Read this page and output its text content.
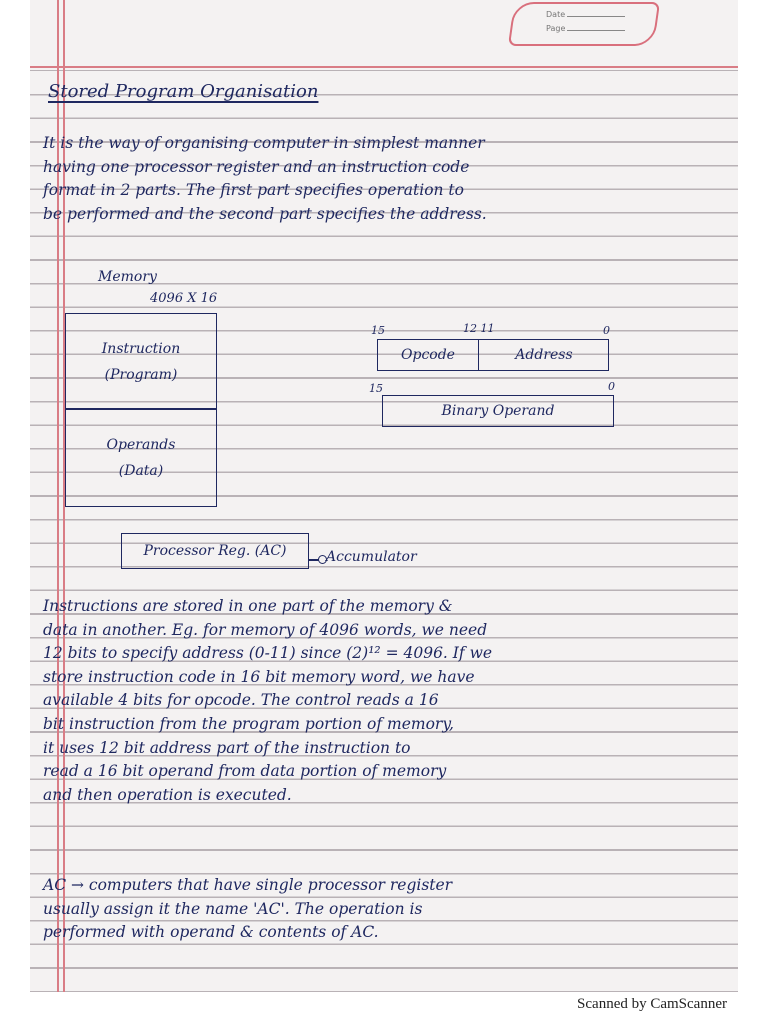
Date
Page
Stored Program Organisation
It is the way of organising computer in simplest manner
having one processor register and an instruction code
format in 2 parts. The first part specifies operation to
be performed and the second part specifies the address.
Memory
4096 X 16
Instruction
(Program)
Operands
(Data)
15	12 11	0
Opcode	Address
15	0
Binary Operand
Processor Reg. (AC)	Accumulator
Instructions are stored in one part of the memory &
data in another. Eg. for memory of 4096 words, we need
12 bits to specify address (0-11) since (2)¹² = 4096. If we
store instruction code in 16 bit memory word, we have
available 4 bits for opcode. The control reads a 16
bit instruction from the program portion of memory,
it uses 12 bit address part of the instruction to
read a 16 bit operand from data portion of memory
and then operation is executed.
AC → computers that have single processor register
usually assign it the name 'AC'. The operation is
performed with operand & contents of AC.
Scanned by CamScanner
